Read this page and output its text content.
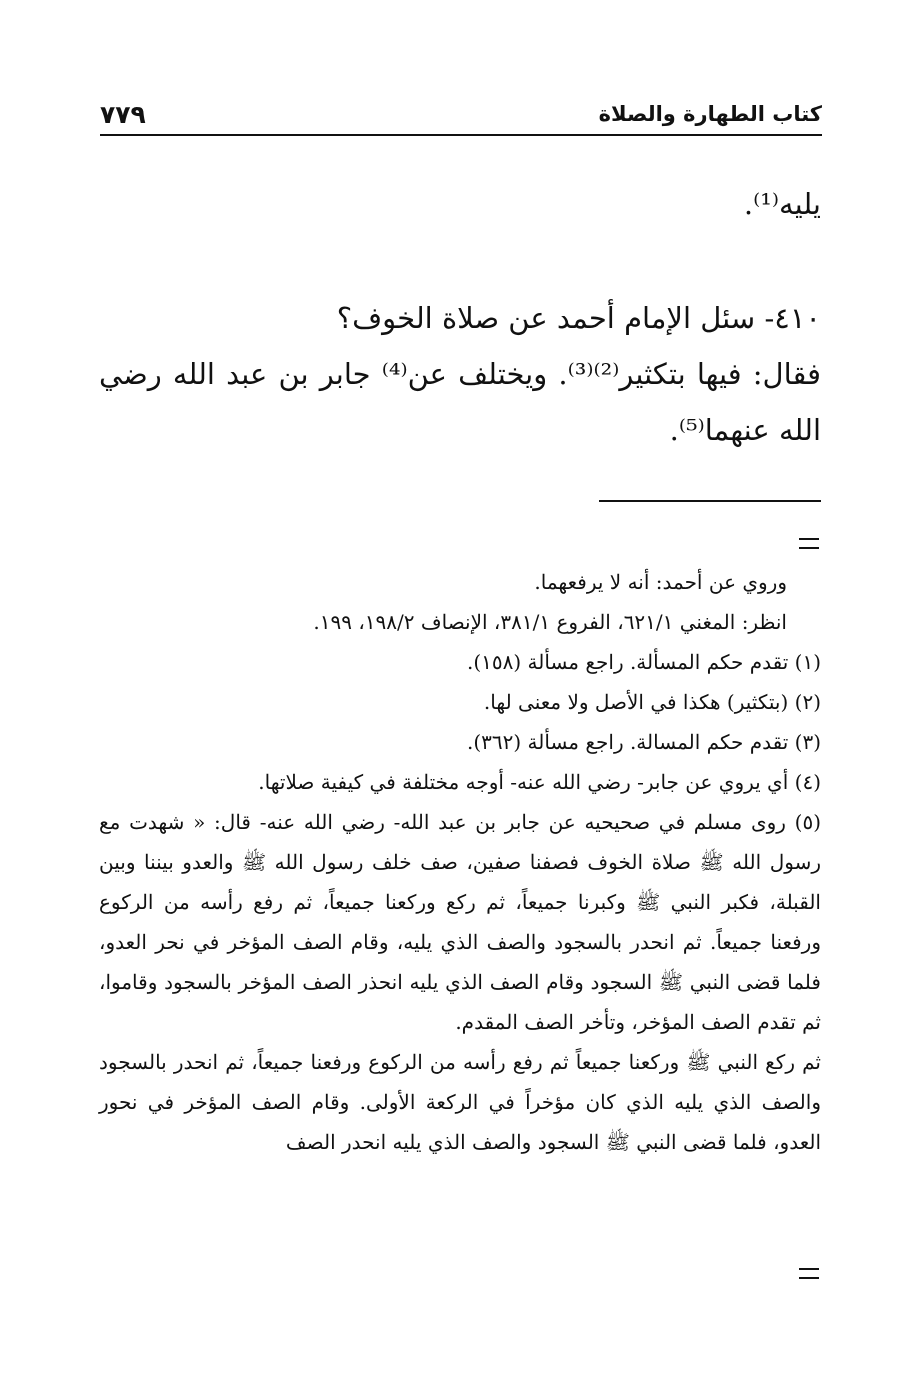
كتاب الطهارة والصلاة
٧٧٩
يليه⁽¹⁾.

٤١٠- سئل الإمام أحمد عن صلاة الخوف؟

فقال: فيها بتكثير⁽²⁾⁽³⁾. ويختلف عن⁽⁴⁾ جابر بن عبد الله رضي الله عنهما⁽⁵⁾.

وروي عن أحمد: أنه لا يرفعهما.

انظر: المغني ٦٢١/١، الفروع ٣٨١/١، الإنصاف ١٩٨/٢، ١٩٩.

(١) تقدم حكم المسألة. راجع مسألة (١٥٨).

(٢) (بتكثير) هكذا في الأصل ولا معنى لها.

(٣) تقدم حكم المسالة. راجع مسألة (٣٦٢).

(٤) أي يروي عن جابر- رضي الله عنه- أوجه مختلفة في كيفية صلاتها.

(٥) روى مسلم في صحيحيه عن جابر بن عبد الله- رضي الله عنه- قال: « شهدت مع رسول الله ﷺ صلاة الخوف فصفنا صفين، صف خلف رسول الله ﷺ والعدو بيننا وبين القبلة، فكبر النبي ﷺ وكبرنا جميعاً، ثم ركع وركعنا جميعاً، ثم رفع رأسه من الركوع ورفعنا جميعاً. ثم انحدر بالسجود والصف الذي يليه، وقام الصف المؤخر في نحر العدو، فلما قضى النبي ﷺ السجود وقام الصف الذي يليه انحذر الصف المؤخر بالسجود وقاموا، ثم تقدم الصف المؤخر، وتأخر الصف المقدم.

ثم ركع النبي ﷺ وركعنا جميعاً ثم رفع رأسه من الركوع ورفعنا جميعاً، ثم انحدر بالسجود والصف الذي يليه الذي كان مؤخراً في الركعة الأولى. وقام الصف المؤخر في نحور العدو، فلما قضى النبي ﷺ السجود والصف الذي يليه انحدر الصف
